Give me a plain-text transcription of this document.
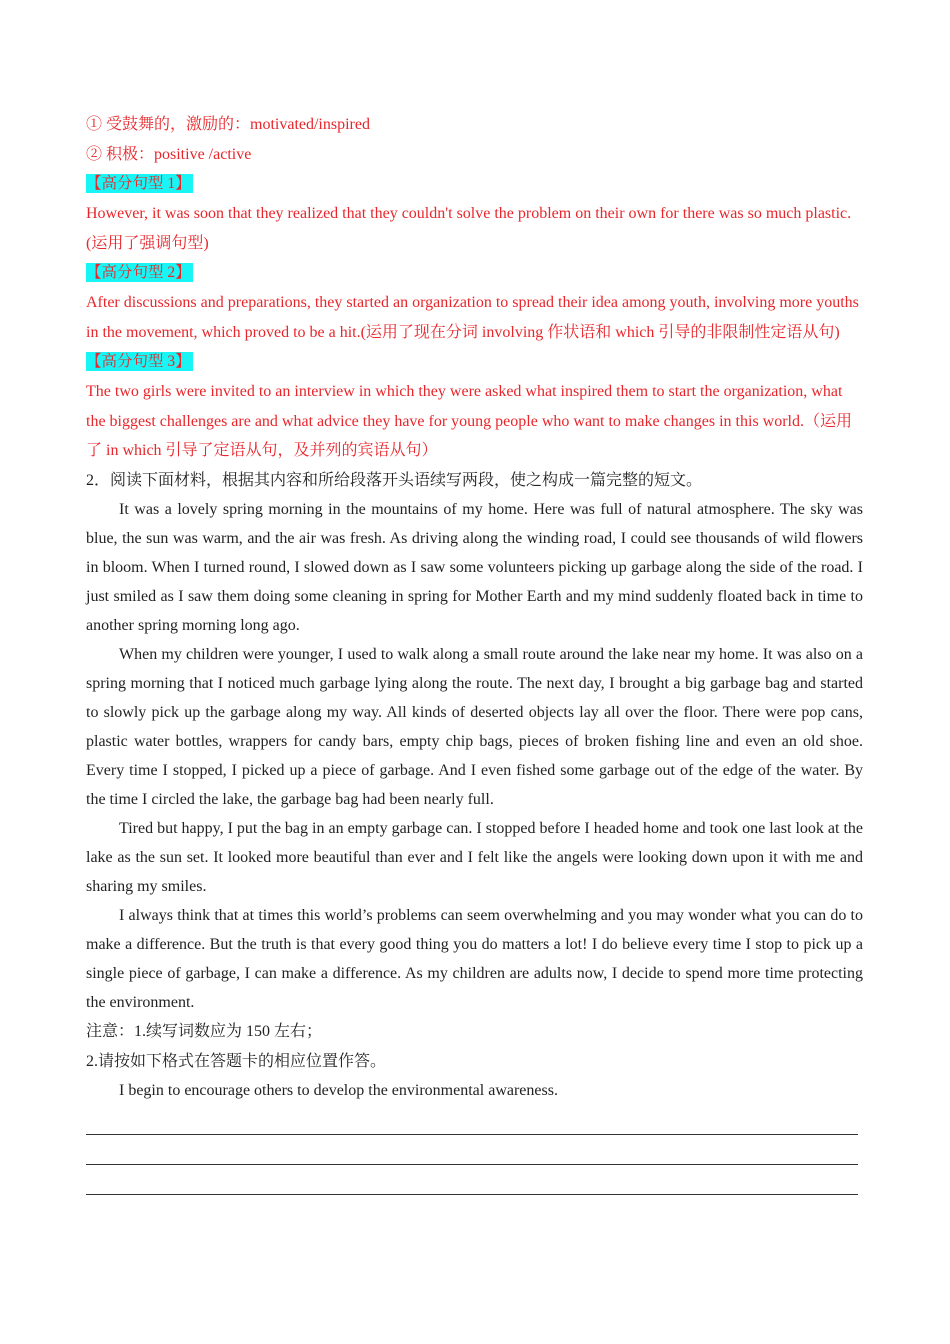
① 受鼓舞的，激励的：motivated/inspired

② 积极：positive /active

【高分句型 1】

However, it was soon that they realized that they couldn't solve the problem on their own for there was so much plastic. (运用了强调句型)

【高分句型 2】

After discussions and preparations, they started an organization to spread their idea among youth, involving more youths in the movement, which proved to be a hit.(运用了现在分词 involving 作状语和 which 引导的非限制性定语从句)

【高分句型 3】

The two girls were invited to an interview in which they were asked what inspired them to start the organization, what the biggest challenges are and what advice they have for young people who want to make changes in this world.（运用了 in which 引导了定语从句，及并列的宾语从句）

2．阅读下面材料，根据其内容和所给段落开头语续写两段，使之构成一篇完整的短文。

It was a lovely spring morning in the mountains of my home. Here was full of natural atmosphere. The sky was blue, the sun was warm, and the air was fresh. As driving along the winding road, I could see thousands of wild flowers in bloom. When I turned round, I slowed down as I saw some volunteers picking up garbage along the side of the road. I just smiled as I saw them doing some cleaning in spring for Mother Earth and my mind suddenly floated back in time to another spring morning long ago.

When my children were younger, I used to walk along a small route around the lake near my home. It was also on a spring morning that I noticed much garbage lying along the route. The next day, I brought a big garbage bag and started to slowly pick up the garbage along my way. All kinds of deserted objects lay all over the floor. There were pop cans, plastic water bottles, wrappers for candy bars, empty chip bags, pieces of broken fishing line and even an old shoe. Every time I stopped, I picked up a piece of garbage. And I even fished some garbage out of the edge of the water. By the time I circled the lake, the garbage bag had been nearly full.

Tired but happy, I put the bag in an empty garbage can. I stopped before I headed home and took one last look at the lake as the sun set. It looked more beautiful than ever and I felt like the angels were looking down upon it with me and sharing my smiles.

I always think that at times this world’s problems can seem overwhelming and you may wonder what you can do to make a difference. But the truth is that every good thing you do matters a lot! I do believe every time I stop to pick up a single piece of garbage, I can make a difference. As my children are adults now, I decide to spend more time protecting the environment.

注意：1.续写词数应为 150 左右；

2.请按如下格式在答题卡的相应位置作答。

I begin to encourage others to develop the environmental awareness.
